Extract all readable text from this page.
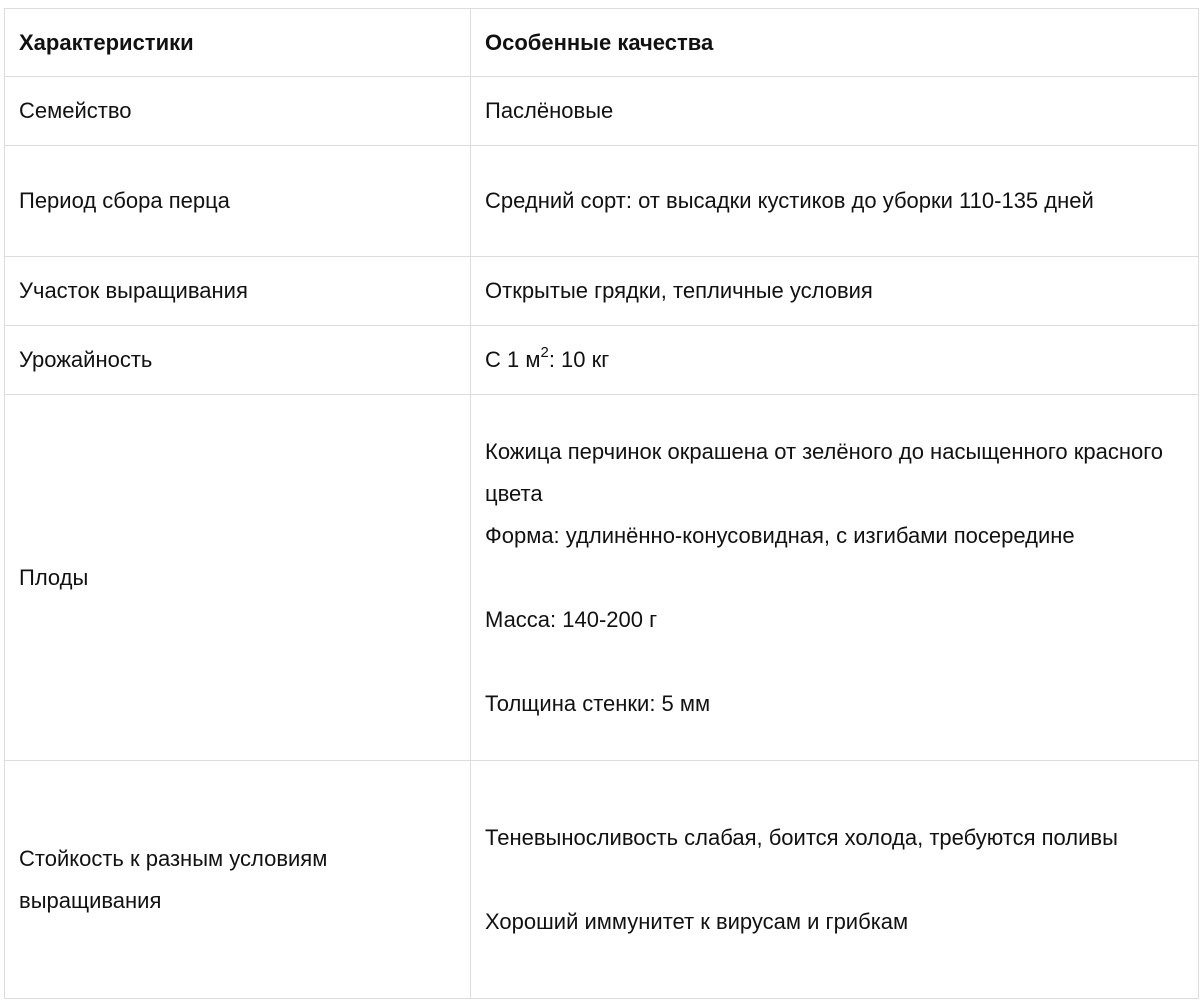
Характеристики	Особенные качества
Семейство	Паслёновые
Период сбора перца	Средний сорт: от высадки кустиков до уборки 110-135 дней
Участок выращивания	Открытые грядки, тепличные условия
Урожайность	С 1 $м^2$: 10 кг
Плоды	Кожица перчинок окрашена от зелёного до насыщенного красного цвета
Форма: удлинённо-конусовидная, с изгибами посередине
Масса: 140-200 г
Толщина стенки: 5 мм

Стойкость к разным условиям выращивания	Теневыносливость слабая, боится холода, требуются поливы
Хороший иммунитет к вирусам и грибкам
